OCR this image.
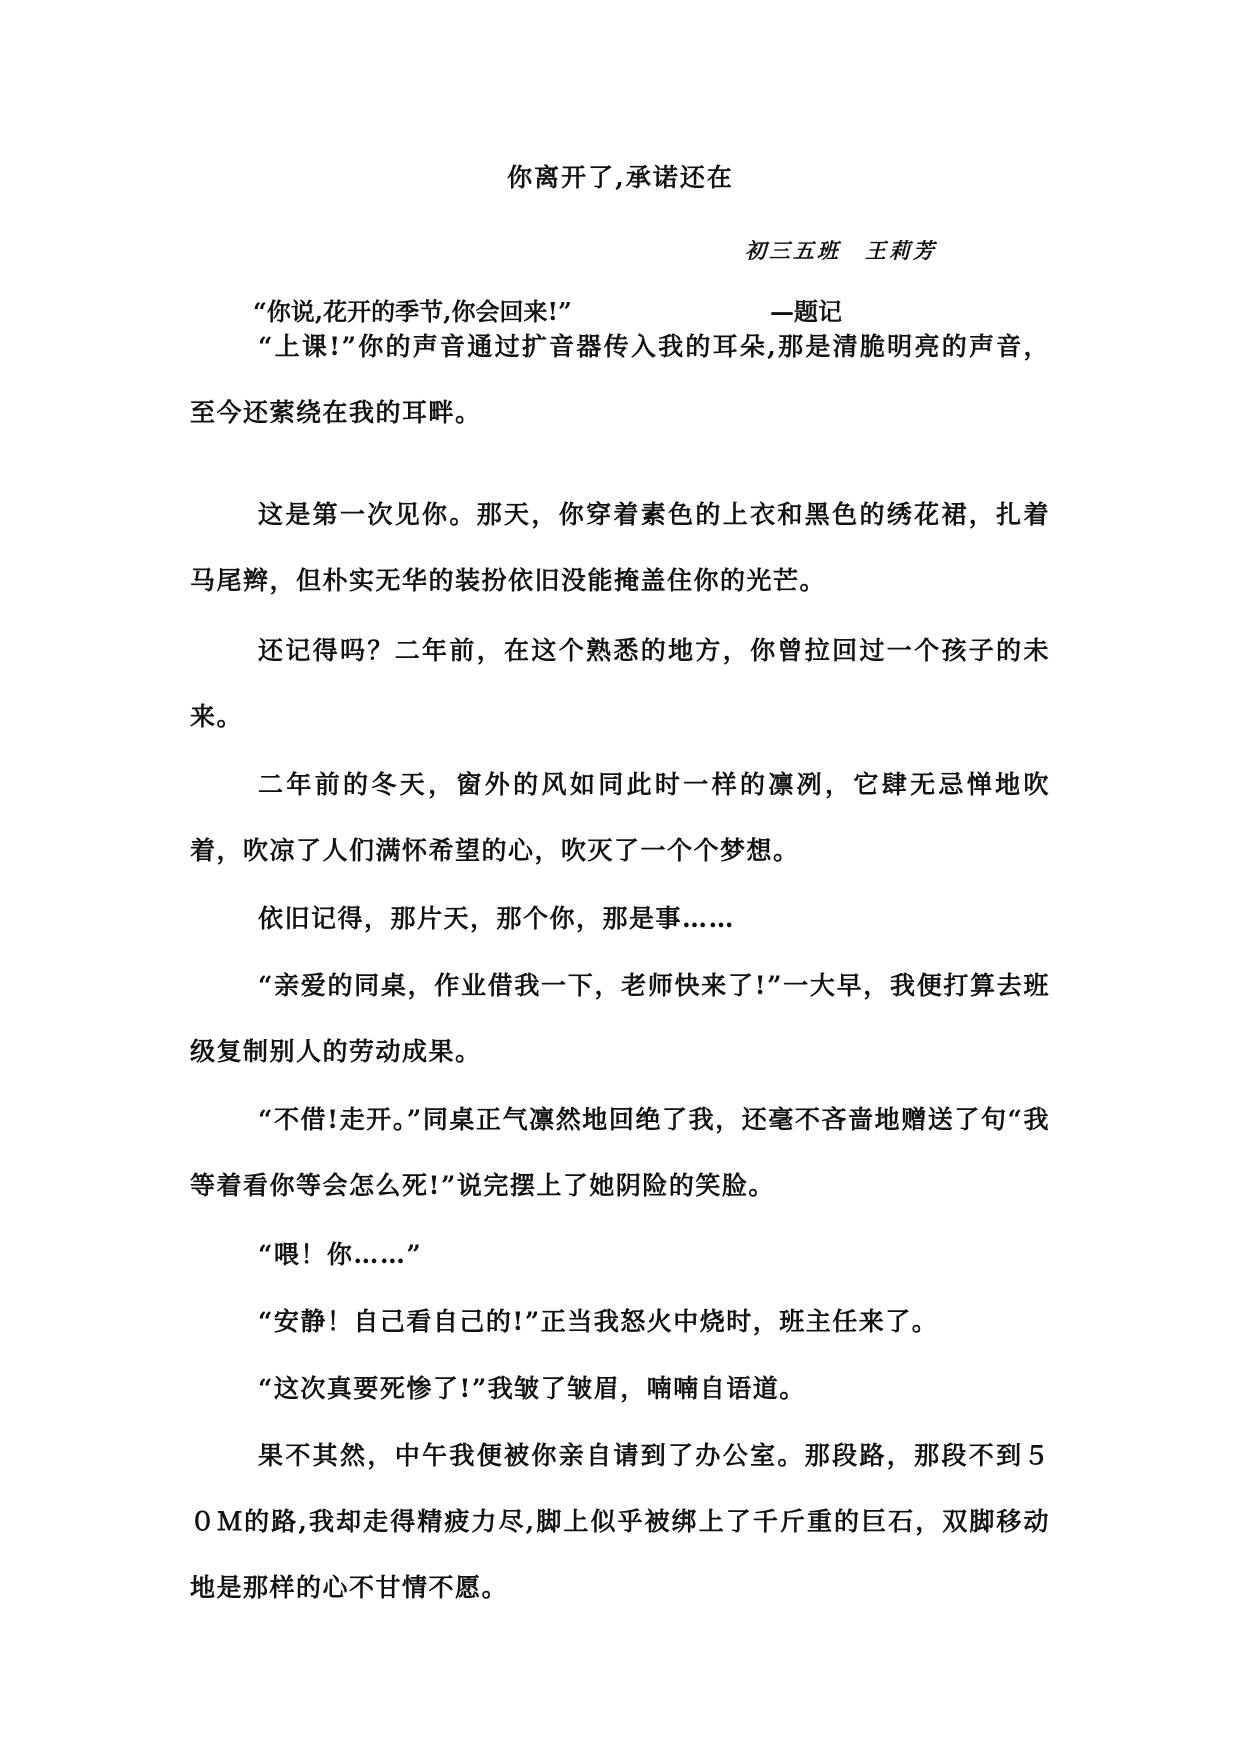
你离开了,承诺还在
初三五班　王莉芳
“你说,花开的季节,你会回来!”	—题记
“上课!”你的声音通过扩音器传入我的耳朵,那是清脆明亮的声音，至今还萦绕在我的耳畔。
这是第一次见你。那天，你穿着素色的上衣和黑色的绣花裙，扎着马尾辫，但朴实无华的装扮依旧没能掩盖住你的光芒。
还记得吗？二年前，在这个熟悉的地方，你曾拉回过一个孩子的未来。
二年前的冬天，窗外的风如同此时一样的凛冽，它肆无忌惮地吹着，吹凉了人们满怀希望的心，吹灭了一个个梦想。
依旧记得，那片天，那个你，那是事……
“亲爱的同桌，作业借我一下，老师快来了!”一大早，我便打算去班级复制别人的劳动成果。
“不借!走开。”同桌正气凛然地回绝了我，还毫不吝啬地赠送了句“我等着看你等会怎么死!”说完摆上了她阴险的笑脸。
“喂！你……”
“安静！自己看自己的!”正当我怒火中烧时，班主任来了。
“这次真要死惨了!”我皱了皱眉，喃喃自语道。
果不其然，中午我便被你亲自请到了办公室。那段路，那段不到５０Ｍ的路,我却走得精疲力尽,脚上似乎被绑上了千斤重的巨石，双脚移动地是那样的心不甘情不愿。
